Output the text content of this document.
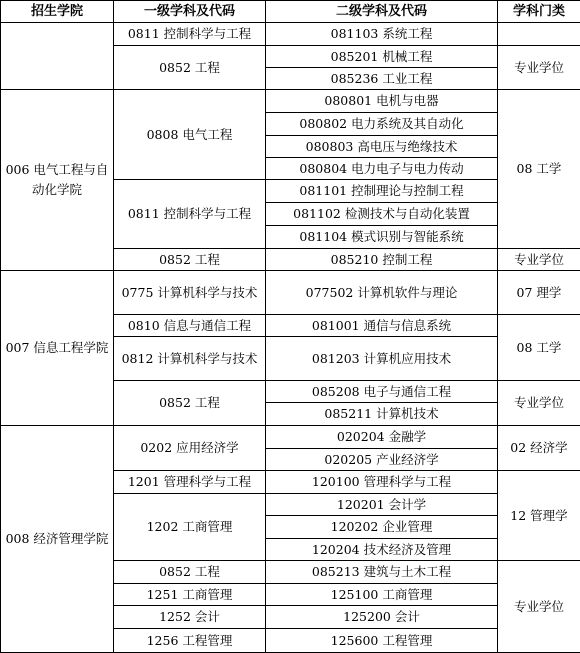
招生学院	一级学科及代码	二级学科及代码	学科门类
	0811 控制科学与工程	081103 系统工程	
	0852 工程	085201 机械工程	专业学位
		085236 工业工程	
006 电气工程与自动化学院	0808 电气工程	080801 电机与电器	08 工学
		080802 电力系统及其自动化	
		080803 高电压与绝缘技术	
		080804 电力电子与电力传动	
	0811 控制科学与工程	081101 控制理论与控制工程	
		081102 检测技术与自动化装置	
		081104 模式识别与智能系统	
	0852 工程	085210 控制工程	专业学位
007 信息工程学院	0775 计算机科学与技术	077502 计算机软件与理论	07 理学
	0810 信息与通信工程	081001 通信与信息系统	08 工学
	0812 计算机科学与技术	081203 计算机应用技术	
	0852 工程	085208 电子与通信工程	专业学位
		085211 计算机技术	
008 经济管理学院	0202 应用经济学	020204 金融学	02 经济学
		020205 产业经济学	
	1201 管理科学与工程	120100 管理科学与工程	12 管理学
	1202 工商管理	120201 会计学	
		120202 企业管理	
		120204 技术经济及管理	
	0852 工程	085213 建筑与土木工程	专业学位
	1251 工商管理	125100 工商管理	
	1252 会计	125200 会计	
	1256 工程管理	125600 工程管理	
